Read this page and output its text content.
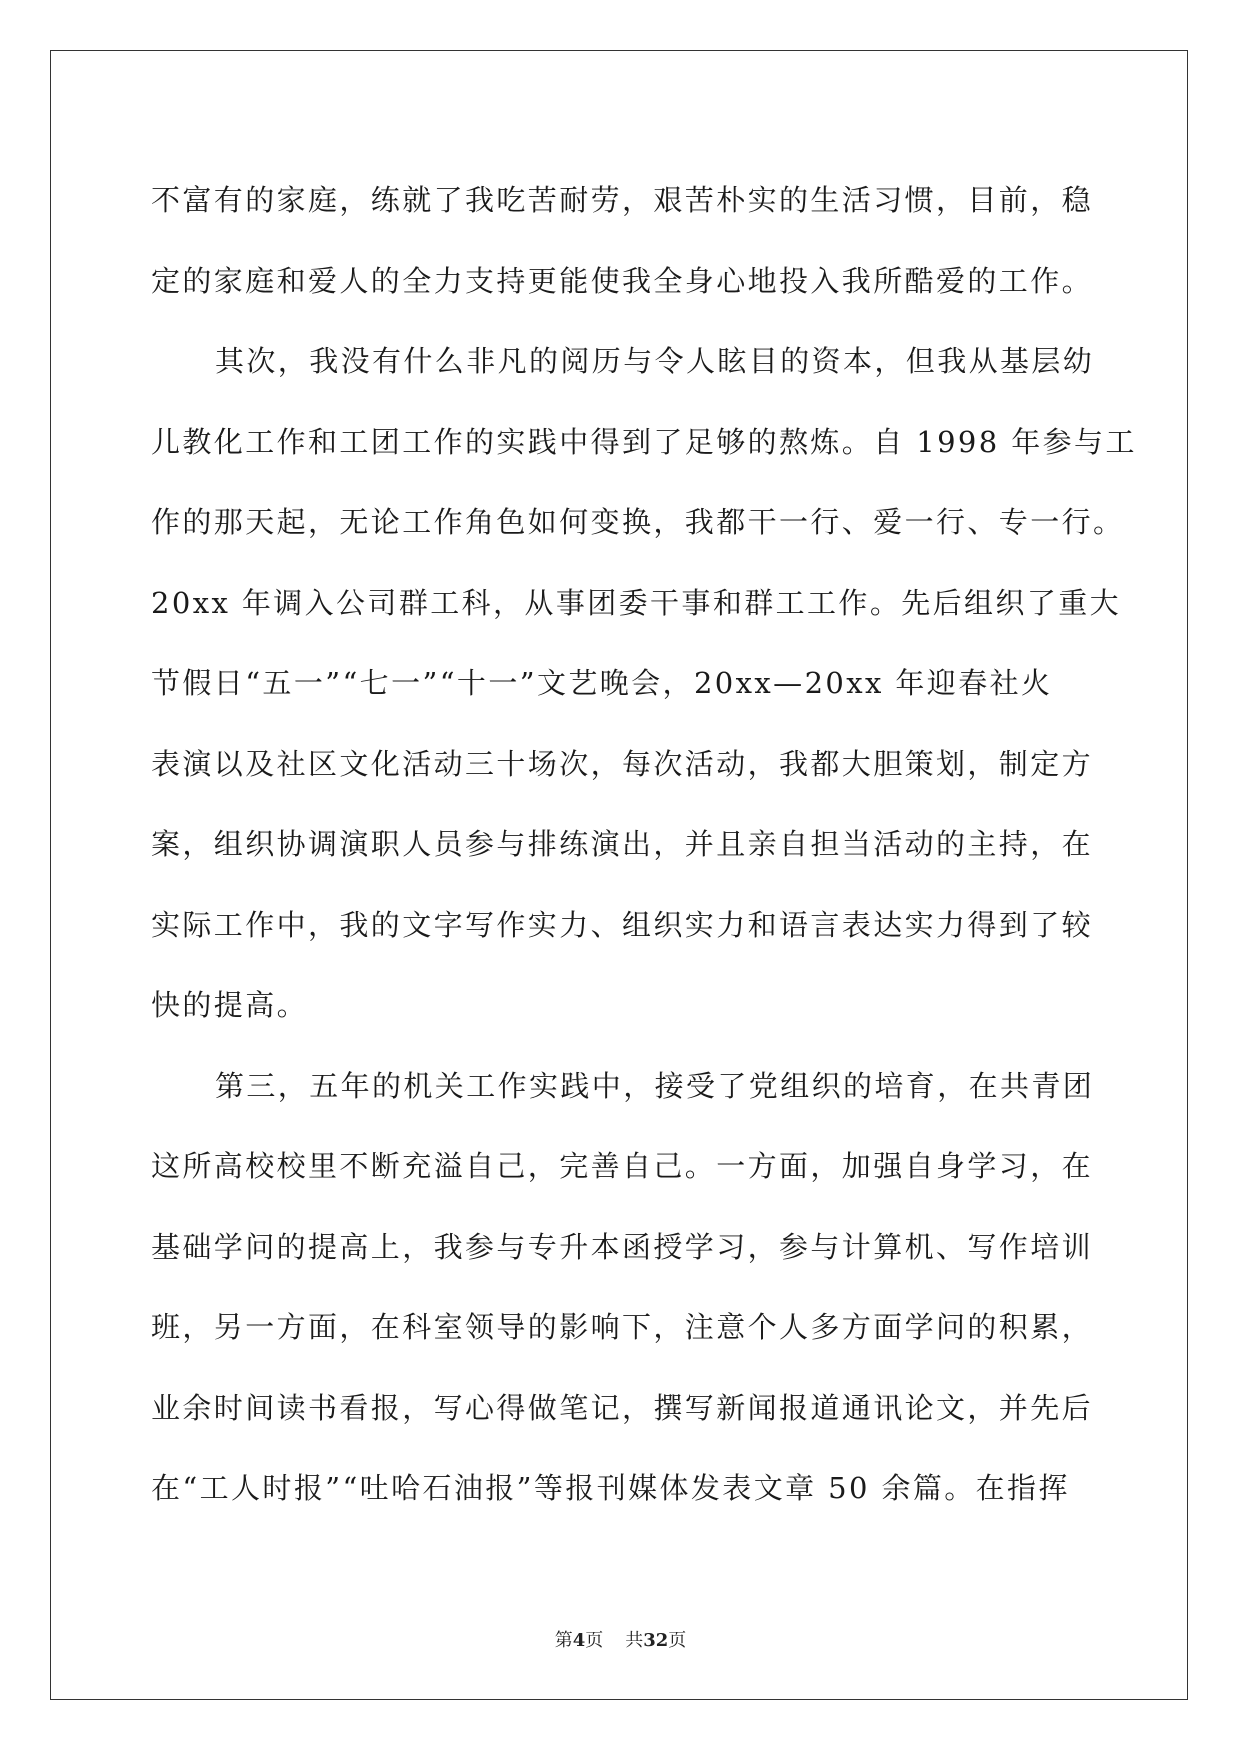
不富有的家庭，练就了我吃苦耐劳，艰苦朴实的生活习惯，目前，稳
定的家庭和爱人的全力支持更能使我全身心地投入我所酷爱的工作。
其次，我没有什么非凡的阅历与令人眩目的资本，但我从基层幼
儿教化工作和工团工作的实践中得到了足够的熬炼。自 1998 年参与工
作的那天起，无论工作角色如何变换，我都干一行、爱一行、专一行。
20xx 年调入公司群工科，从事团委干事和群工工作。先后组织了重大
节假日“五一”“七一”“十一”文艺晚会，20xx—20xx 年迎春社火
表演以及社区文化活动三十场次，每次活动，我都大胆策划，制定方
案，组织协调演职人员参与排练演出，并且亲自担当活动的主持，在
实际工作中，我的文字写作实力、组织实力和语言表达实力得到了较
快的提高。
第三，五年的机关工作实践中，接受了党组织的培育，在共青团
这所高校校里不断充溢自己，完善自己。一方面，加强自身学习，在
基础学问的提高上，我参与专升本函授学习，参与计算机、写作培训
班，另一方面，在科室领导的影响下，注意个人多方面学问的积累，
业余时间读书看报，写心得做笔记，撰写新闻报道通讯论文，并先后
在“工人时报”“吐哈石油报”等报刊媒体发表文章 50 余篇。在指挥
第4页 共32页
